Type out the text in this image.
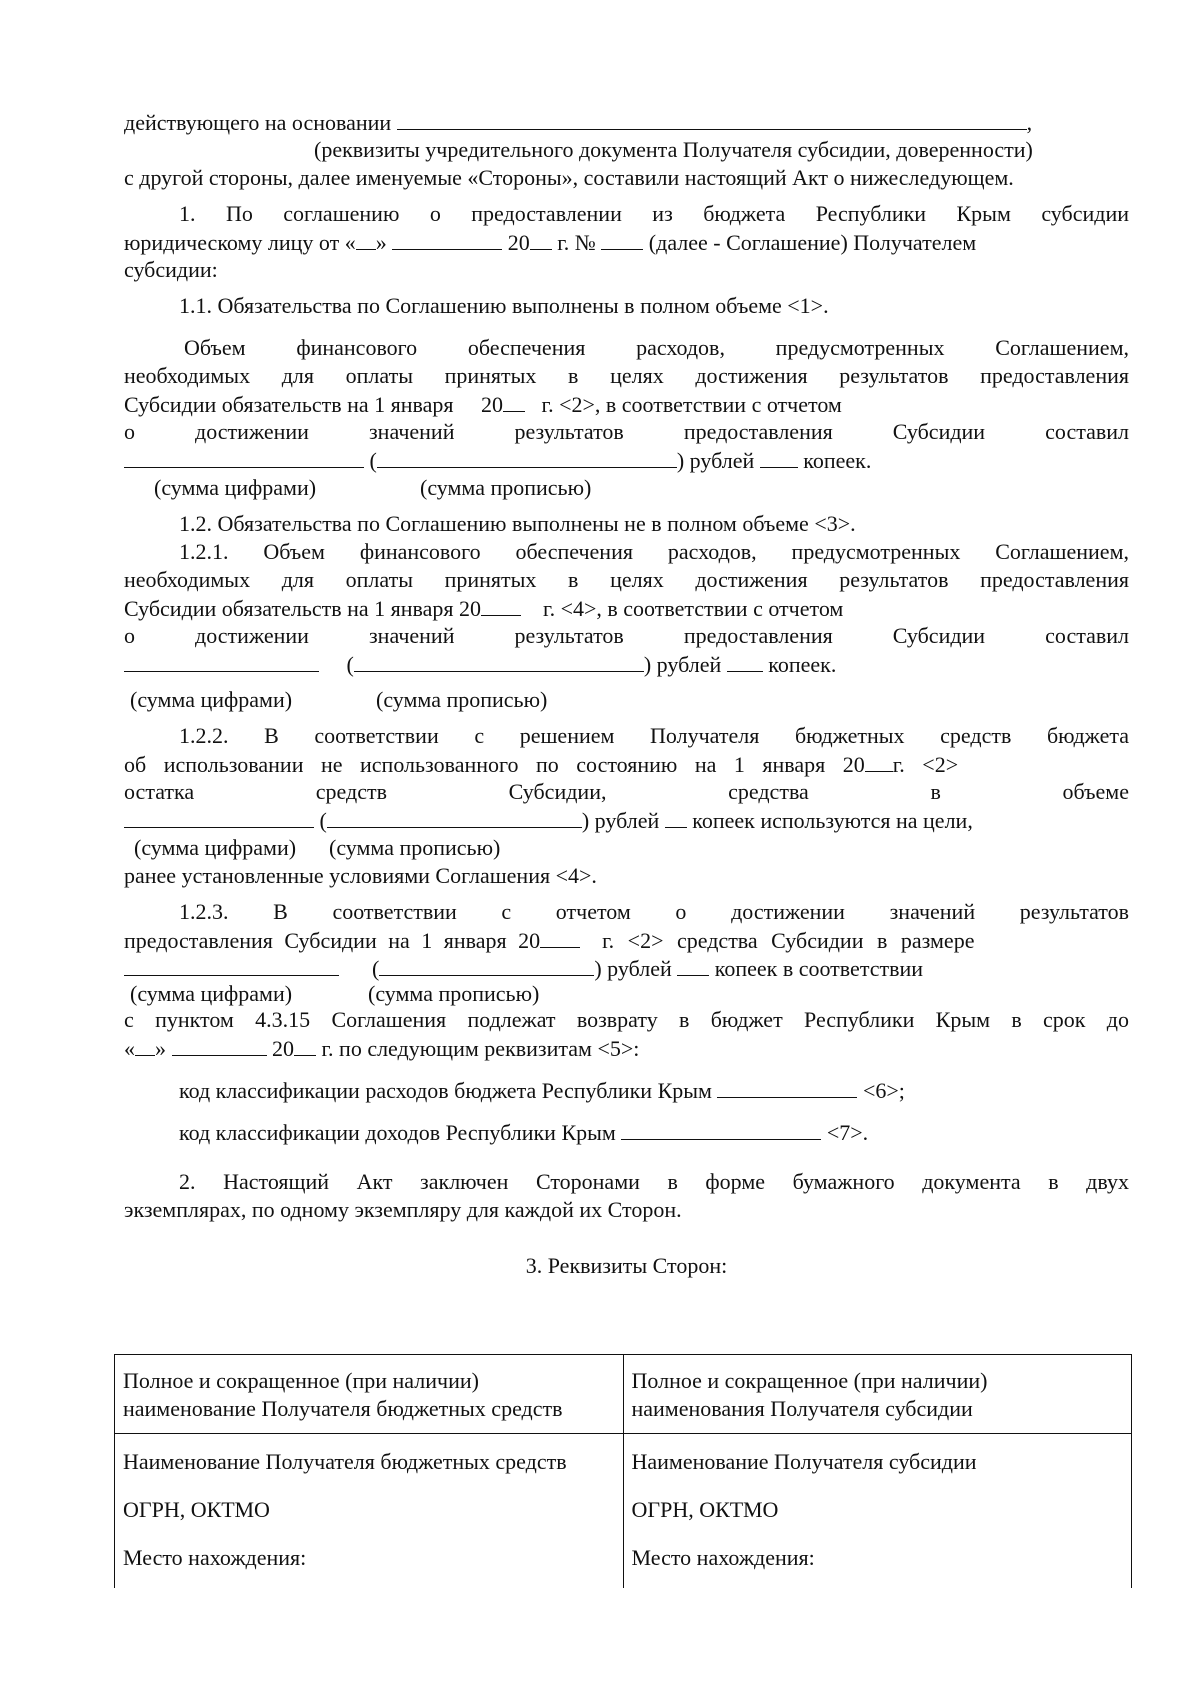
действующего на основании	,
(реквизиты учредительного документа Получателя субсидии, доверенности)
с другой стороны, далее именуемые «Стороны», составили настоящий Акт о нижеследующем.
1. По соглашению о предоставлении из бюджета Республики Крым субсидии
юридическому лицу от « »	20 г. № (далее - Соглашение) Получателем
субсидии:
1.1. Обязательства по Соглашению выполнены в полном объеме <1>.
Объем финансового обеспечения расходов, предусмотренных Соглашением,
необходимых для оплаты принятых в целях достижения результатов предоставления
Субсидии обязательств на 1 января 20 г. <2>, в соответствии с отчетом
о достижении значений результатов предоставления Субсидии составил
(	) рублей копеек.
(сумма цифрами)	(сумма прописью)
1.2. Обязательства по Соглашению выполнены не в полном объеме <3>.
1.2.1. Объем финансового обеспечения расходов, предусмотренных Соглашением,
необходимых для оплаты принятых в целях достижения результатов предоставления
Субсидии обязательств на 1 января 20	г. <4>, в соответствии с отчетом
о достижении значений результатов предоставления Субсидии составил
(	) рублей копеек.
(сумма цифрами)	(сумма прописью)
1.2.2. В соответствии с решением Получателя бюджетных средств бюджета
об использовании не использованного по состоянию на 1 января 20 г. <2>
остатка средств Субсидии, средства в объеме
(	) рублей копеек используются на цели,
(сумма цифрами) (сумма прописью)
ранее установленные условиями Соглашения <4>.
1.2.3. В соответствии с отчетом о достижении значений результатов
предоставления Субсидии на 1 января 20	г. <2> средства Субсидии в размере
(	) рублей копеек в соответствии
(сумма цифрами)	(сумма прописью)
с пунктом 4.3.15 Соглашения подлежат возврату в бюджет Республики Крым в срок до
« »	20 г. по следующим реквизитам <5>:
код классификации расходов бюджета Республики Крым	<6>;
код классификации доходов Республики Крым	<7>.
2. Настоящий Акт заключен Сторонами в форме бумажного документа в двух
экземплярах, по одному экземпляру для каждой их Сторон.
3. Реквизиты Сторон:
Полное и сокращенное (при наличии) наименование Получателя бюджетных средств	Полное и сокращенное (при наличии) наименования Получателя субсидии
Наименование Получателя бюджетных средств	Наименование Получателя субсидии
ОГРН, ОКТМО	ОГРН, ОКТМО
Место нахождения:	Место нахождения:
